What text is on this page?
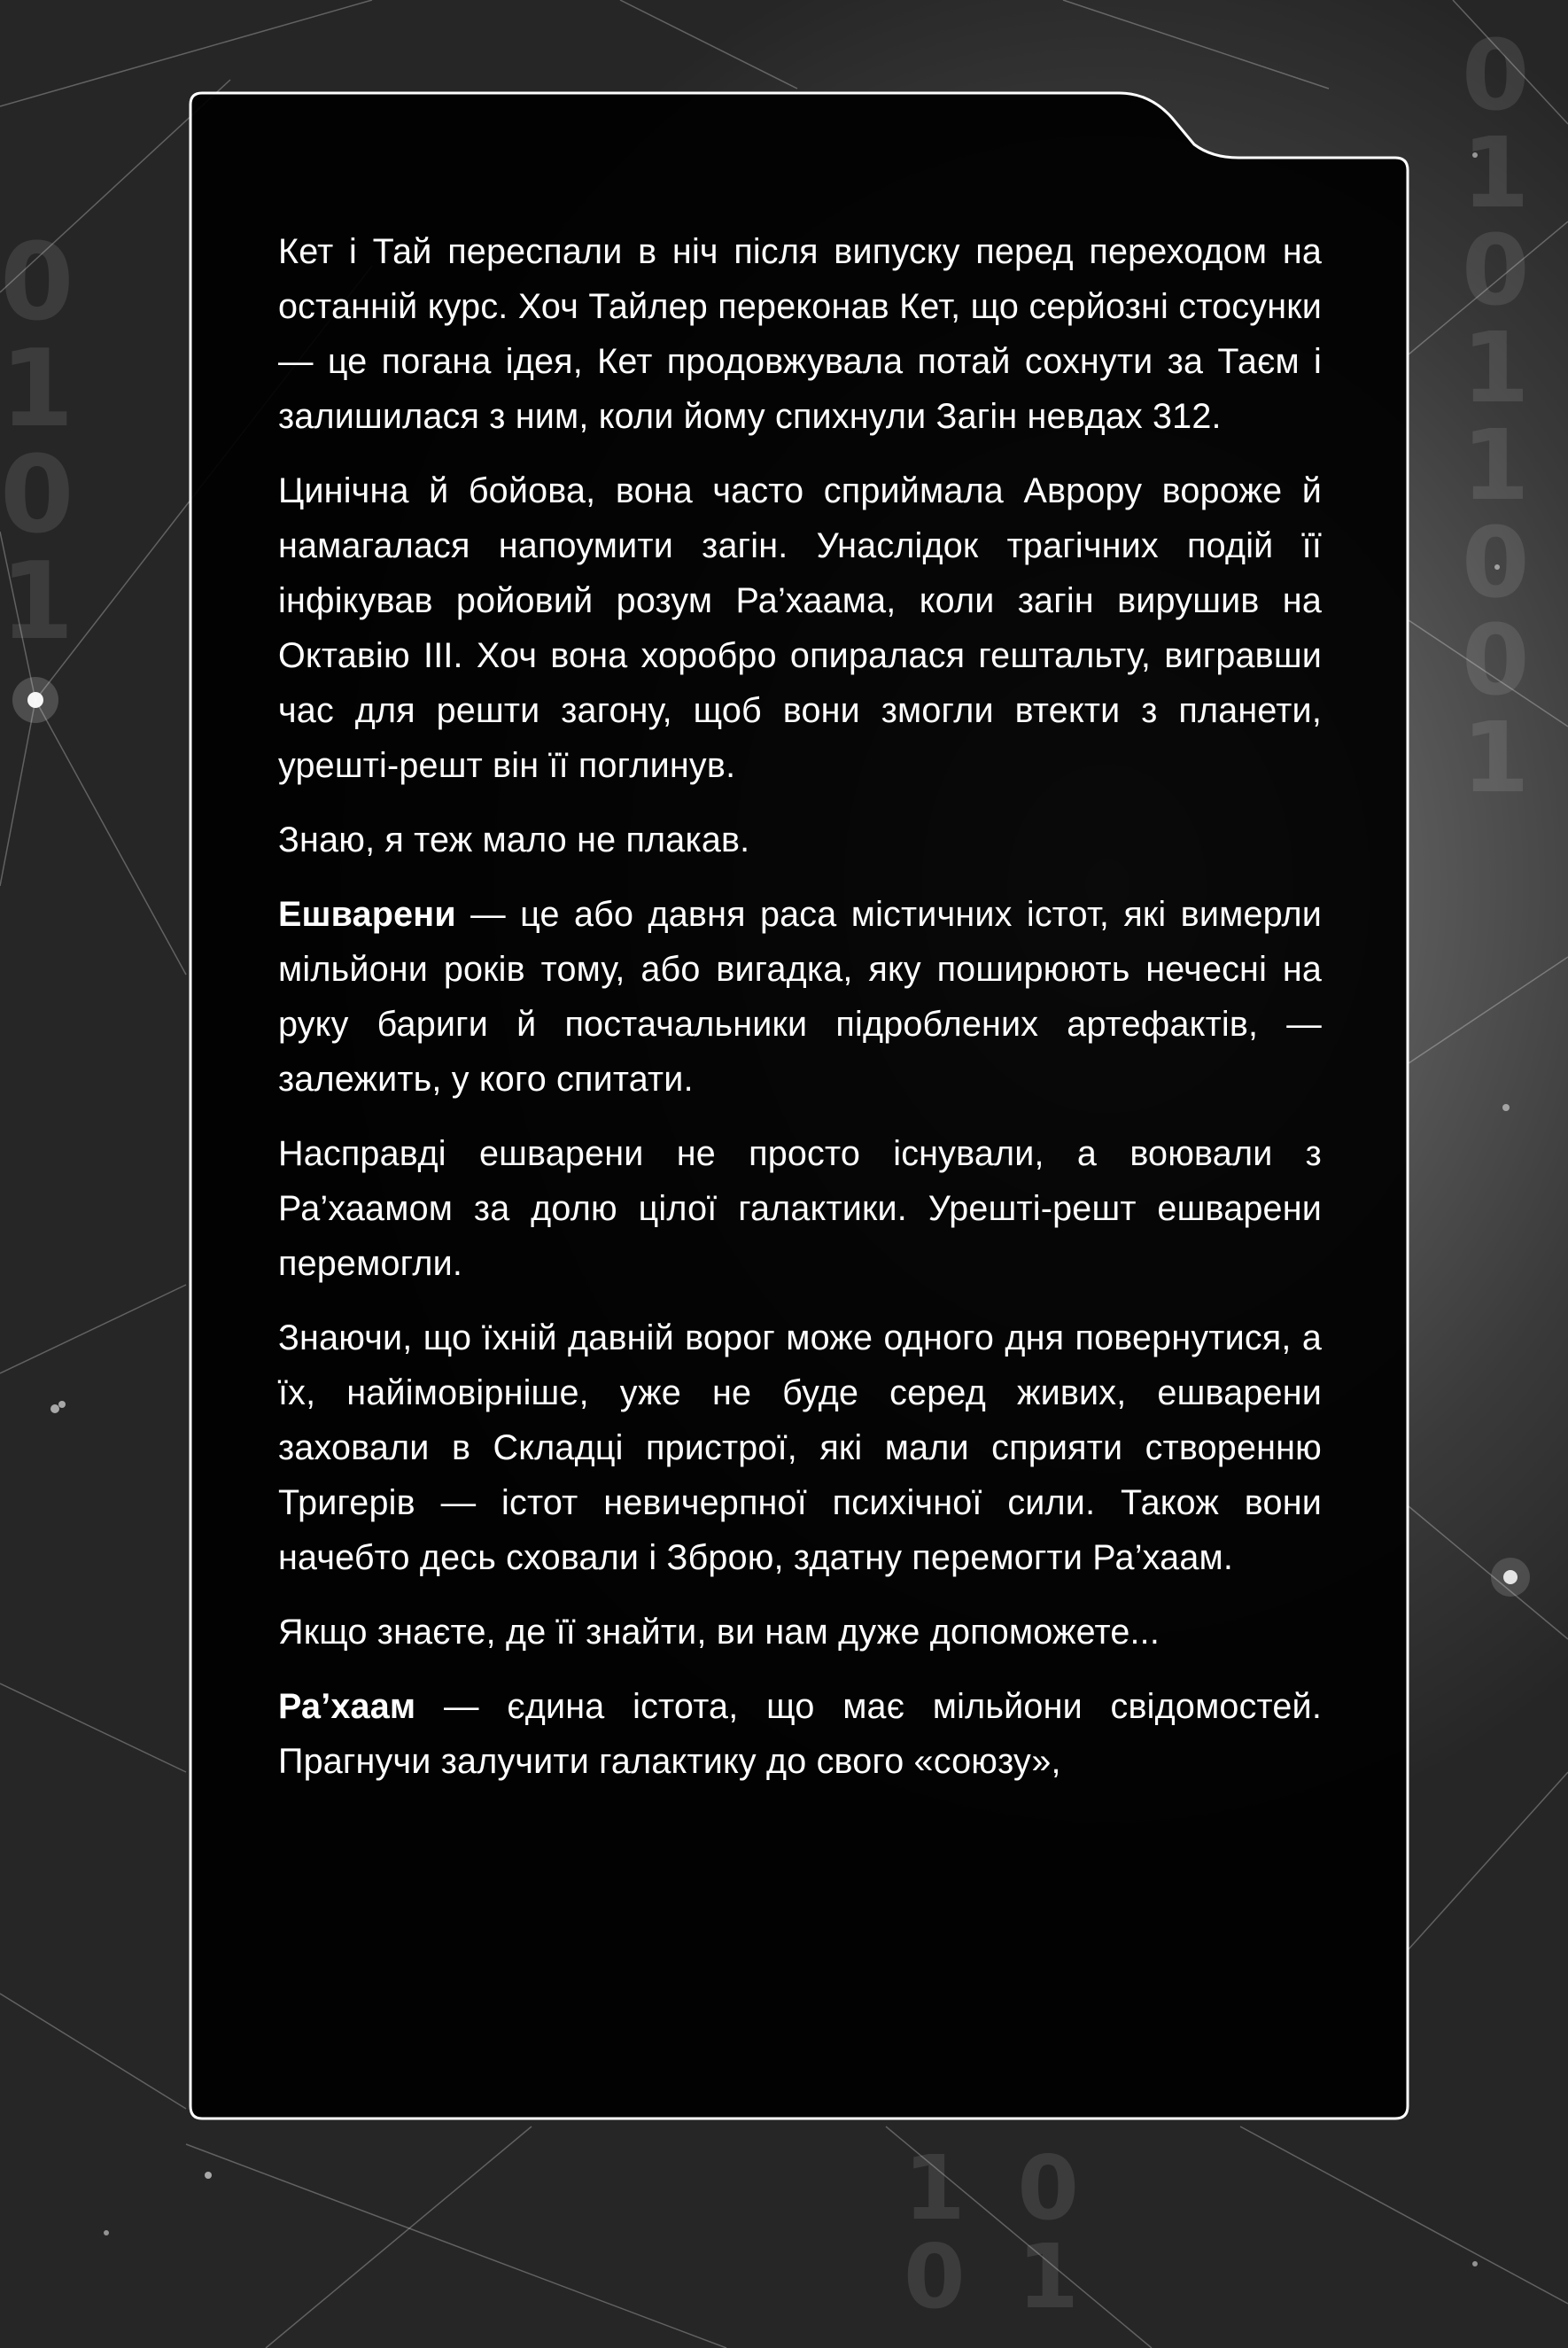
0
1
0
1
1
0
0
1
0
1
0
1
1 0
0 1

Кет і Тай переспали в ніч після випуску перед переходом на останній курс. Хоч Тайлер переконав Кет, що серйозні стосунки — це погана ідея, Кет продовжувала потай сохнути за Таєм і залишилася з ним, коли йому спихнули Загін невдах 312.

Цинічна й бойова, вона часто сприймала Аврору вороже й намагалася напоумити загін. Унаслідок трагічних подій її інфікував ройовий розум Ра’хаама, коли загін вирушив на Октавію III. Хоч вона хоробро опиралася гештальту, вигравши час для решти загону, щоб вони змогли втекти з планети, урешті-решт він її поглинув.

Знаю, я теж мало не плакав.

Ешварени — це або давня раса містичних істот, які вимерли мільйони років тому, або вигадка, яку поширюють нечесні на руку бариги й постачальники підроблених артефактів, — залежить, у кого спитати.

Насправді ешварени не просто існували, а воювали з Ра’хаамом за долю цілої галактики. Урешті-решт ешварени перемогли.

Знаючи, що їхній давній ворог може одного дня повернутися, а їх, найімовірніше, уже не буде серед живих, ешварени заховали в Складці пристрої, які мали сприяти створенню Тригерів — істот невичерпної психічної сили. Також вони начебто десь сховали і Зброю, здатну перемогти Ра’хаам.

Якщо знаєте, де її знайти, ви нам дуже допоможете...

Ра’хаам — єдина істота, що має мільйони свідомостей. Прагнучи залучити галактику до свого «союзу»,
